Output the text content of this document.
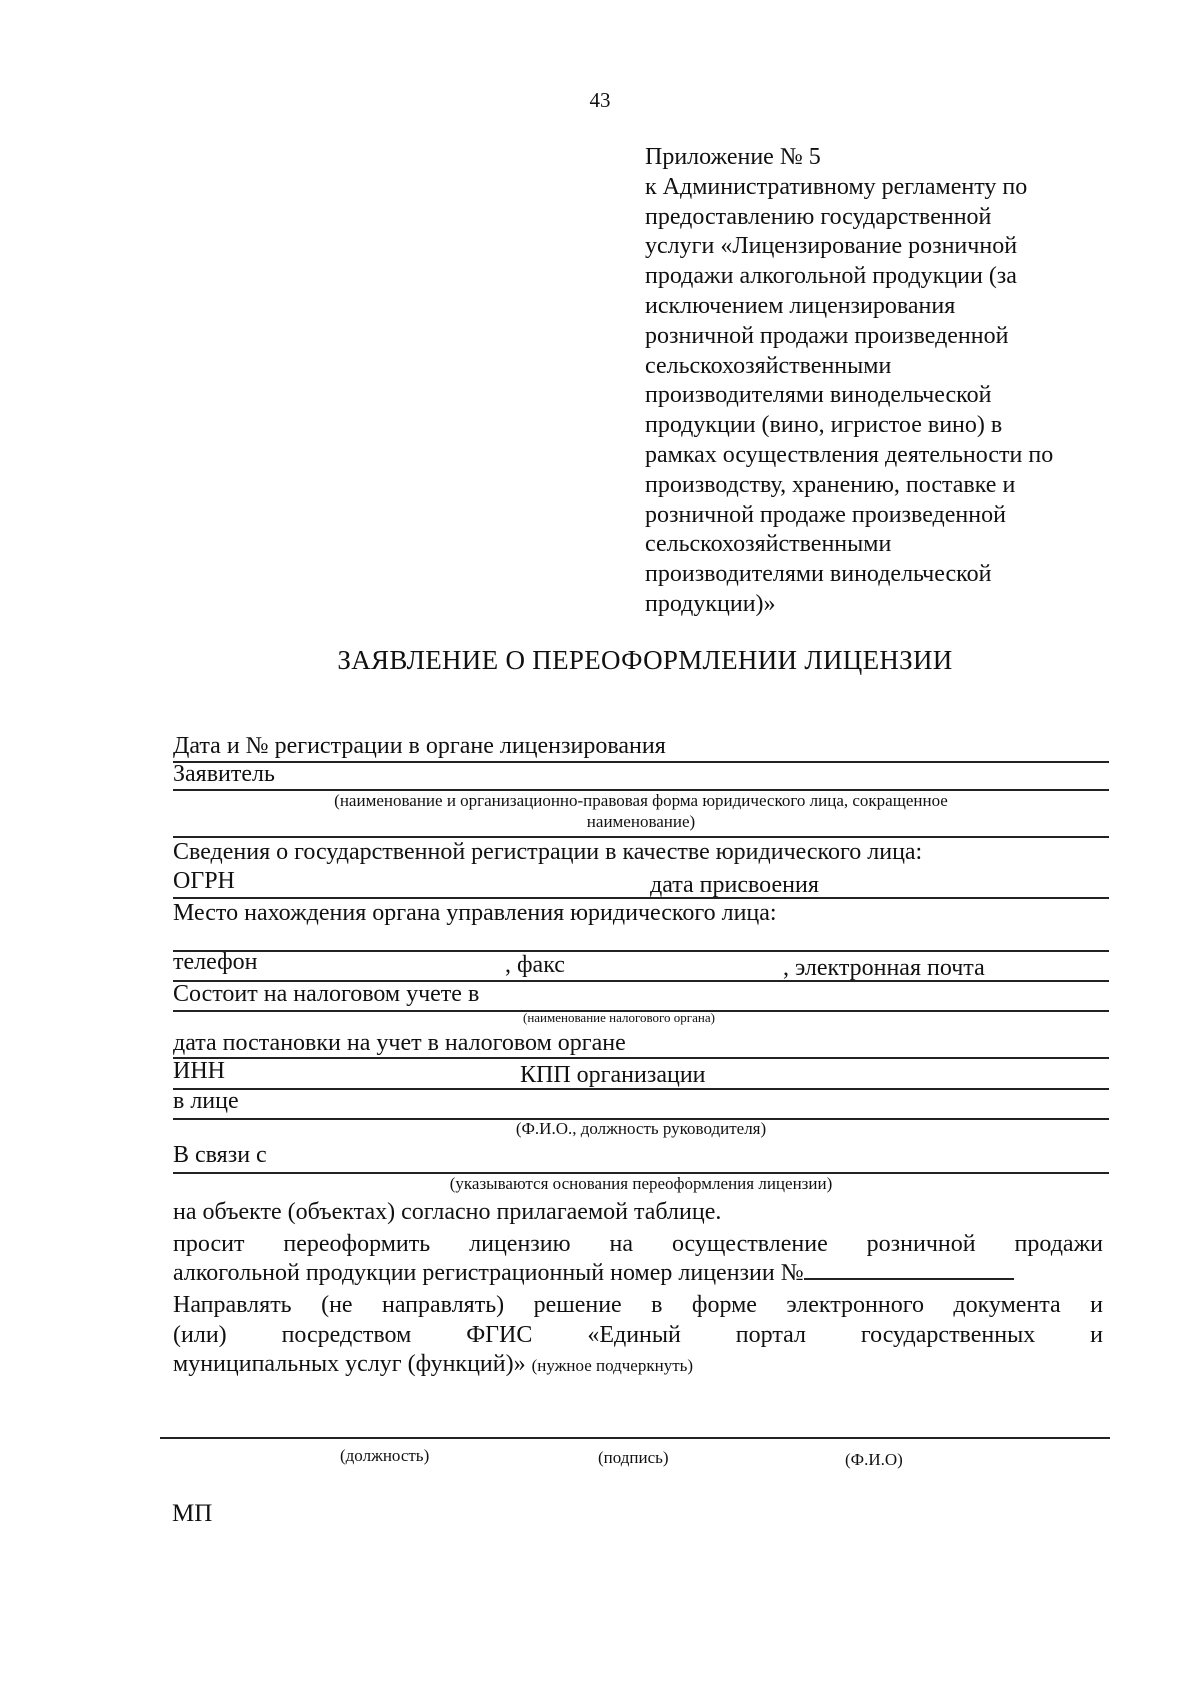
43
Приложение № 5
к Административному регламенту по
предоставлению государственной
услуги «Лицензирование розничной
продажи алкогольной продукции (за
исключением лицензирования
розничной продажи произведенной
сельскохозяйственными
производителями винодельческой
продукции (вино, игристое вино) в
рамках осуществления деятельности по
производству, хранению, поставке и
розничной продаже произведенной
сельскохозяйственными
производителями винодельческой
продукции)»
ЗАЯВЛЕНИЕ О ПЕРЕОФОРМЛЕНИИ ЛИЦЕНЗИИ
Дата и № регистрации в органе лицензирования
Заявитель
(наименование и организационно-правовая форма юридического лица, сокращенное
наименование)
Сведения о государственной регистрации в качестве юридического лица:
ОГРН	дата присвоения
Место нахождения органа управления юридического лица:
телефон	, факс	, электронная почта
Состоит на налоговом учете в
(наименование налогового органа)
дата постановки на учет в налоговом органе
ИНН	КПП организации
в лице
(Ф.И.О., должность руководителя)
В связи с
(указываются основания переоформления лицензии)
на объекте (объектах) согласно прилагаемой таблице.
просит переоформить лицензию на осуществление розничной продажи
алкогольной продукции регистрационный номер лицензии №
Направлять (не направлять) решение в форме электронного документа и
(или) посредством ФГИС «Единый портал государственных и
муниципальных услуг (функций)» (нужное подчеркнуть)
(должность)	(подпись)	(Ф.И.О)
МП
